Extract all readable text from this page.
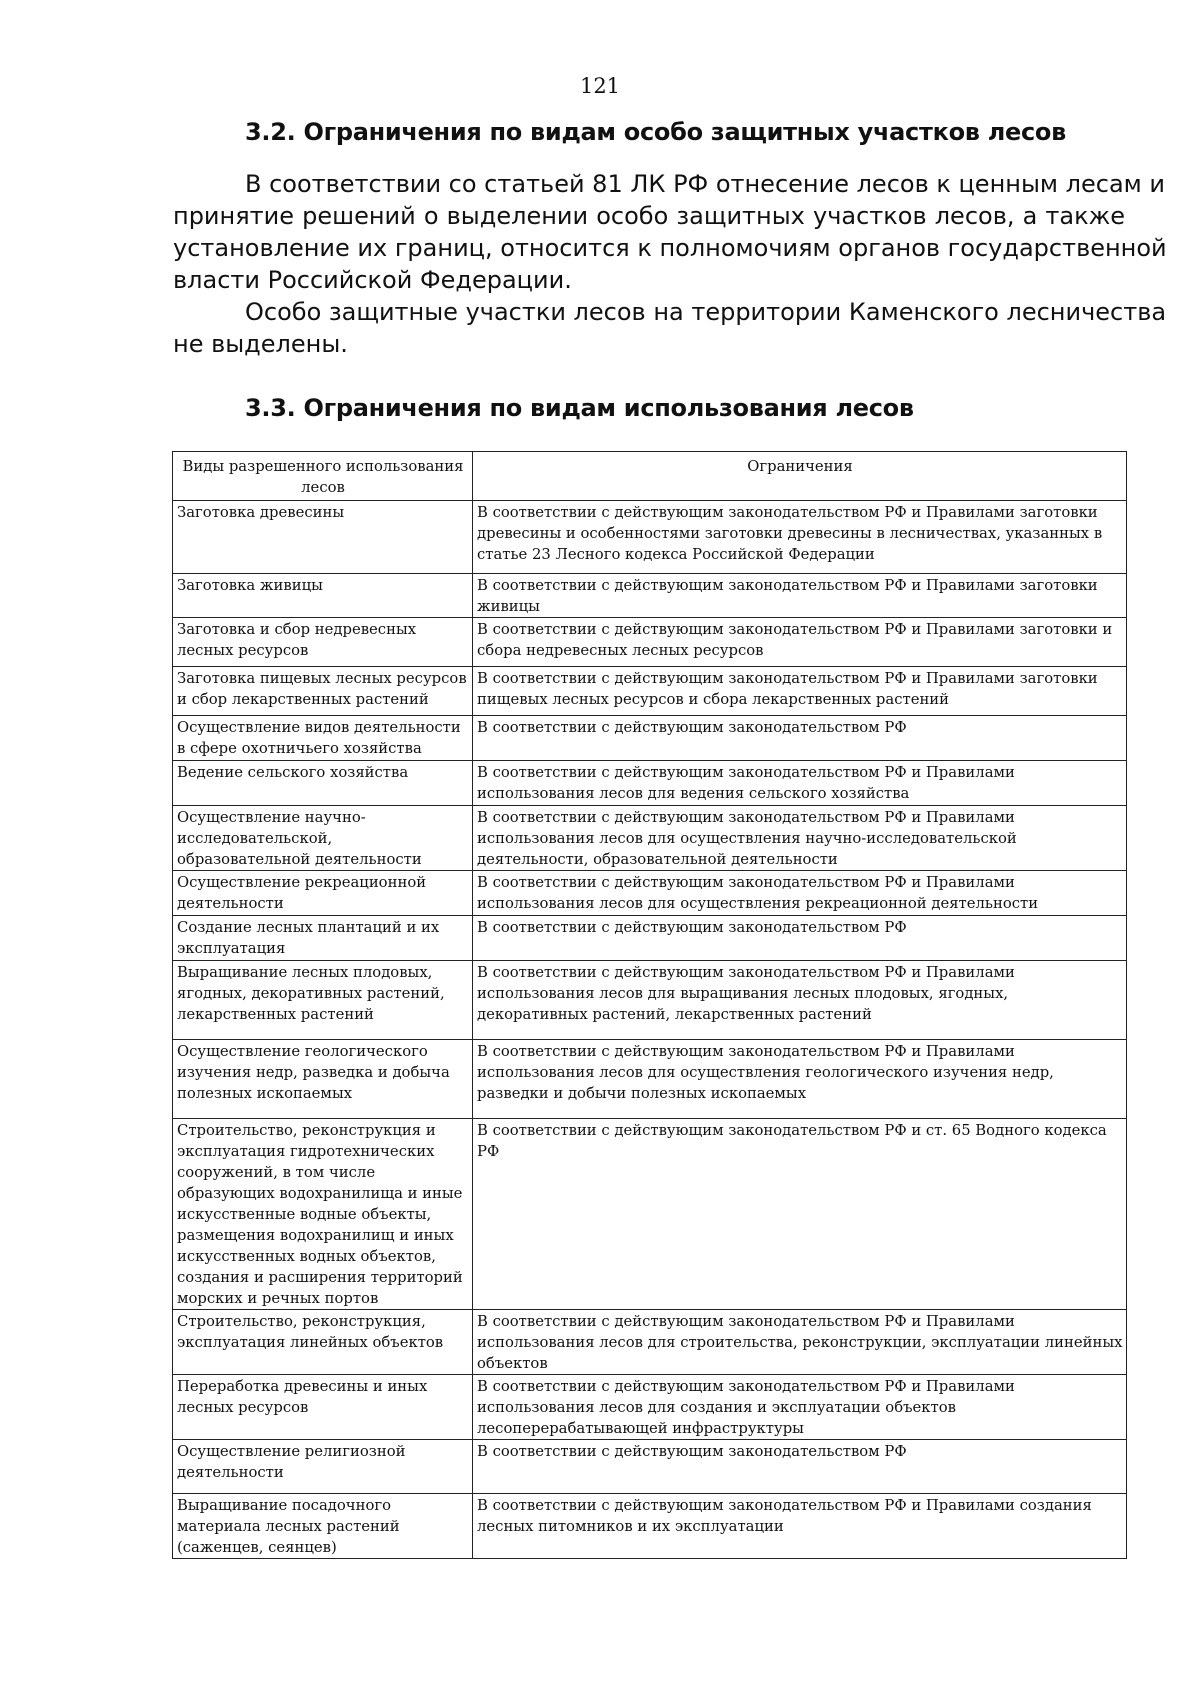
121
3.2. Ограничения по видам особо защитных участков лесов
В соответствии со статьей 81 ЛК РФ отнесение лесов к ценным лесам и
принятие решений о выделении особо защитных участков лесов, а также
установление их границ, относится к полномочиям органов государственной
власти Российской Федерации.
Особо защитные участки лесов на территории Каменского лесничества
не выделены.
3.3. Ограничения по видам использования лесов
Виды разрешенного использования лесов	Ограничения
Заготовка древесины	В соответствии с действующим законодательством РФ и Правилами заготовки древесины и особенностями заготовки древесины в лесничествах, указанных в статье 23 Лесного кодекса Российской Федерации
Заготовка живицы	В соответствии с действующим законодательством РФ и Правилами заготовки живицы
Заготовка и сбор недревесных лесных ресурсов	В соответствии с действующим законодательством РФ и Правилами заготовки и сбора недревесных лесных ресурсов
Заготовка пищевых лесных ресурсов и сбор лекарственных растений	В соответствии с действующим законодательством РФ и Правилами заготовки пищевых лесных ресурсов и сбора лекарственных растений
Осуществление видов деятельности в сфере охотничьего хозяйства	В соответствии с действующим законодательством РФ
Ведение сельского хозяйства	В соответствии с действующим законодательством РФ и Правилами использования лесов для ведения сельского хозяйства
Осуществление научно-исследовательской, образовательной деятельности	В соответствии с действующим законодательством РФ и Правилами использования лесов для осуществления научно-исследовательской деятельности, образовательной деятельности
Осуществление рекреационной деятельности	В соответствии с действующим законодательством РФ и Правилами использования лесов для осуществления рекреационной деятельности
Создание лесных плантаций и их эксплуатация	В соответствии с действующим законодательством РФ
Выращивание лесных плодовых, ягодных, декоративных растений, лекарственных растений	В соответствии с действующим законодательством РФ и Правилами использования лесов для выращивания лесных плодовых, ягодных, декоративных растений, лекарственных растений
Осуществление геологического изучения недр, разведка и добыча полезных ископаемых	В соответствии с действующим законодательством РФ и Правилами использования лесов для осуществления геологического изучения недр, разведки и добычи полезных ископаемых
Строительство, реконструкция и эксплуатация гидротехнических сооружений, в том числе образующих водохранилища и иные искусственные водные объекты, размещения водохранилищ и иных искусственных водных объектов, создания и расширения территорий морских и речных портов	В соответствии с действующим законодательством РФ и ст. 65 Водного кодекса РФ
Строительство, реконструкция, эксплуатация линейных объектов	В соответствии с действующим законодательством РФ и Правилами использования лесов для строительства, реконструкции, эксплуатации линейных объектов
Переработка древесины и иных лесных ресурсов	В соответствии с действующим законодательством РФ и Правилами использования лесов для создания и эксплуатации объектов лесоперерабатывающей инфраструктуры
Осуществление религиозной деятельности	В соответствии с действующим законодательством РФ
Выращивание посадочного материала лесных растений (саженцев, сеянцев)	В соответствии с действующим законодательством РФ и Правилами создания лесных питомников и их эксплуатации
